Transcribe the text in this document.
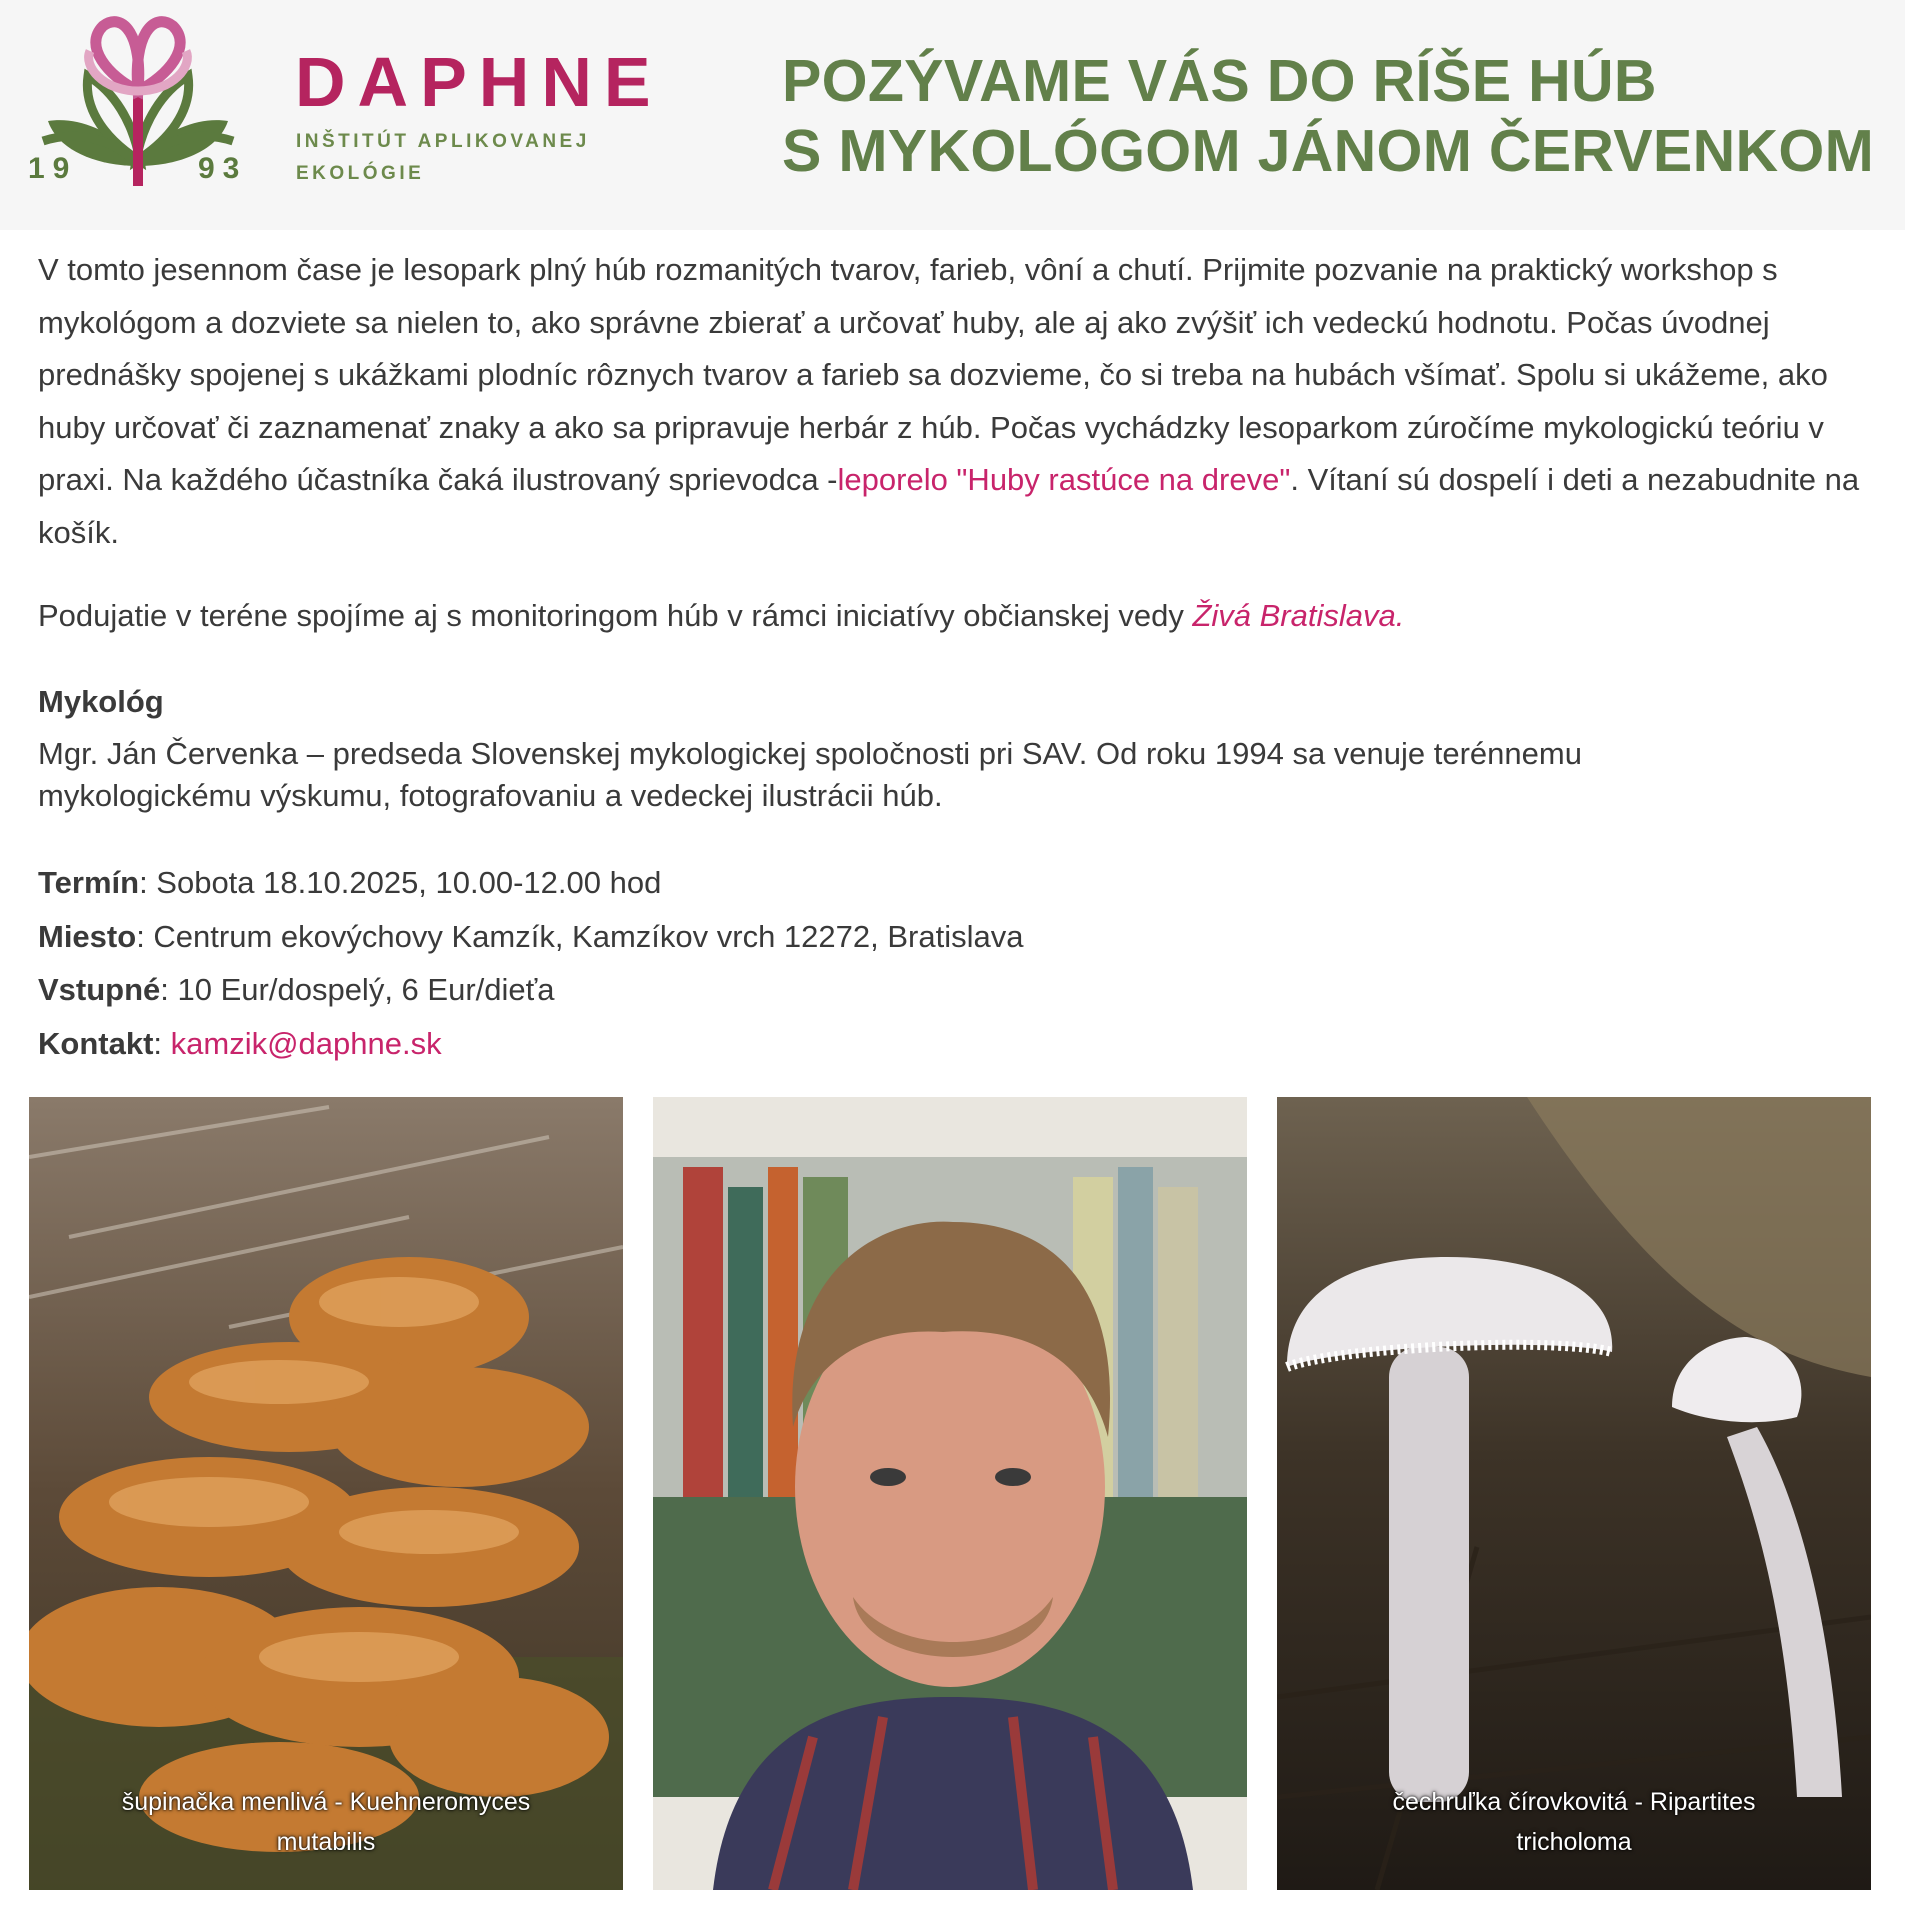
19	93
DAPHNE
INŠTITÚT APLIKOVANEJ
EKOLÓGIE
POZÝVAME VÁS DO RÍŠE HÚB
S MYKOLÓGOM JÁNOM ČERVENKOM
V tomto jesennom čase je lesopark plný húb rozmanitých tvarov, farieb, vôní a chutí. Prijmite pozvanie na praktický workshop s mykológom a dozviete sa nielen to, ako správne zbierať a určovať huby, ale aj ako zvýšiť ich vedeckú hodnotu. Počas úvodnej prednášky spojenej s ukážkami plodníc rôznych tvarov a farieb sa dozvieme, čo si treba na hubách všímať. Spolu si ukážeme, ako huby určovať či zaznamenať znaky a ako sa pripravuje herbár z húb. Počas vychádzky lesoparkom zúročíme mykologickú teóriu v praxi. Na každého účastníka čaká ilustrovaný sprievodca -leporelo "Huby rastúce na dreve". Vítaní sú dospelí i deti a nezabudnite na košík.
Podujatie v teréne spojíme aj s monitoringom húb v rámci iniciatívy občianskej vedy Živá Bratislava.
Mykológ
Mgr. Ján Červenka – predseda Slovenskej mykologickej spoločnosti pri SAV. Od roku 1994 sa venuje terénnemu
mykologickému výskumu, fotografovaniu a vedeckej ilustrácii húb.
Termín: Sobota 18.10.2025, 10.00-12.00 hod
Miesto: Centrum ekovýchovy Kamzík, Kamzíkov vrch 12272, Bratislava
Vstupné: 10 Eur/dospelý, 6 Eur/dieťa
Kontakt: kamzik@daphne.sk
šupinačka menlivá - Kuehneromyces
mutabilis
čechruľka čírovkovitá - Ripartites
tricholoma
